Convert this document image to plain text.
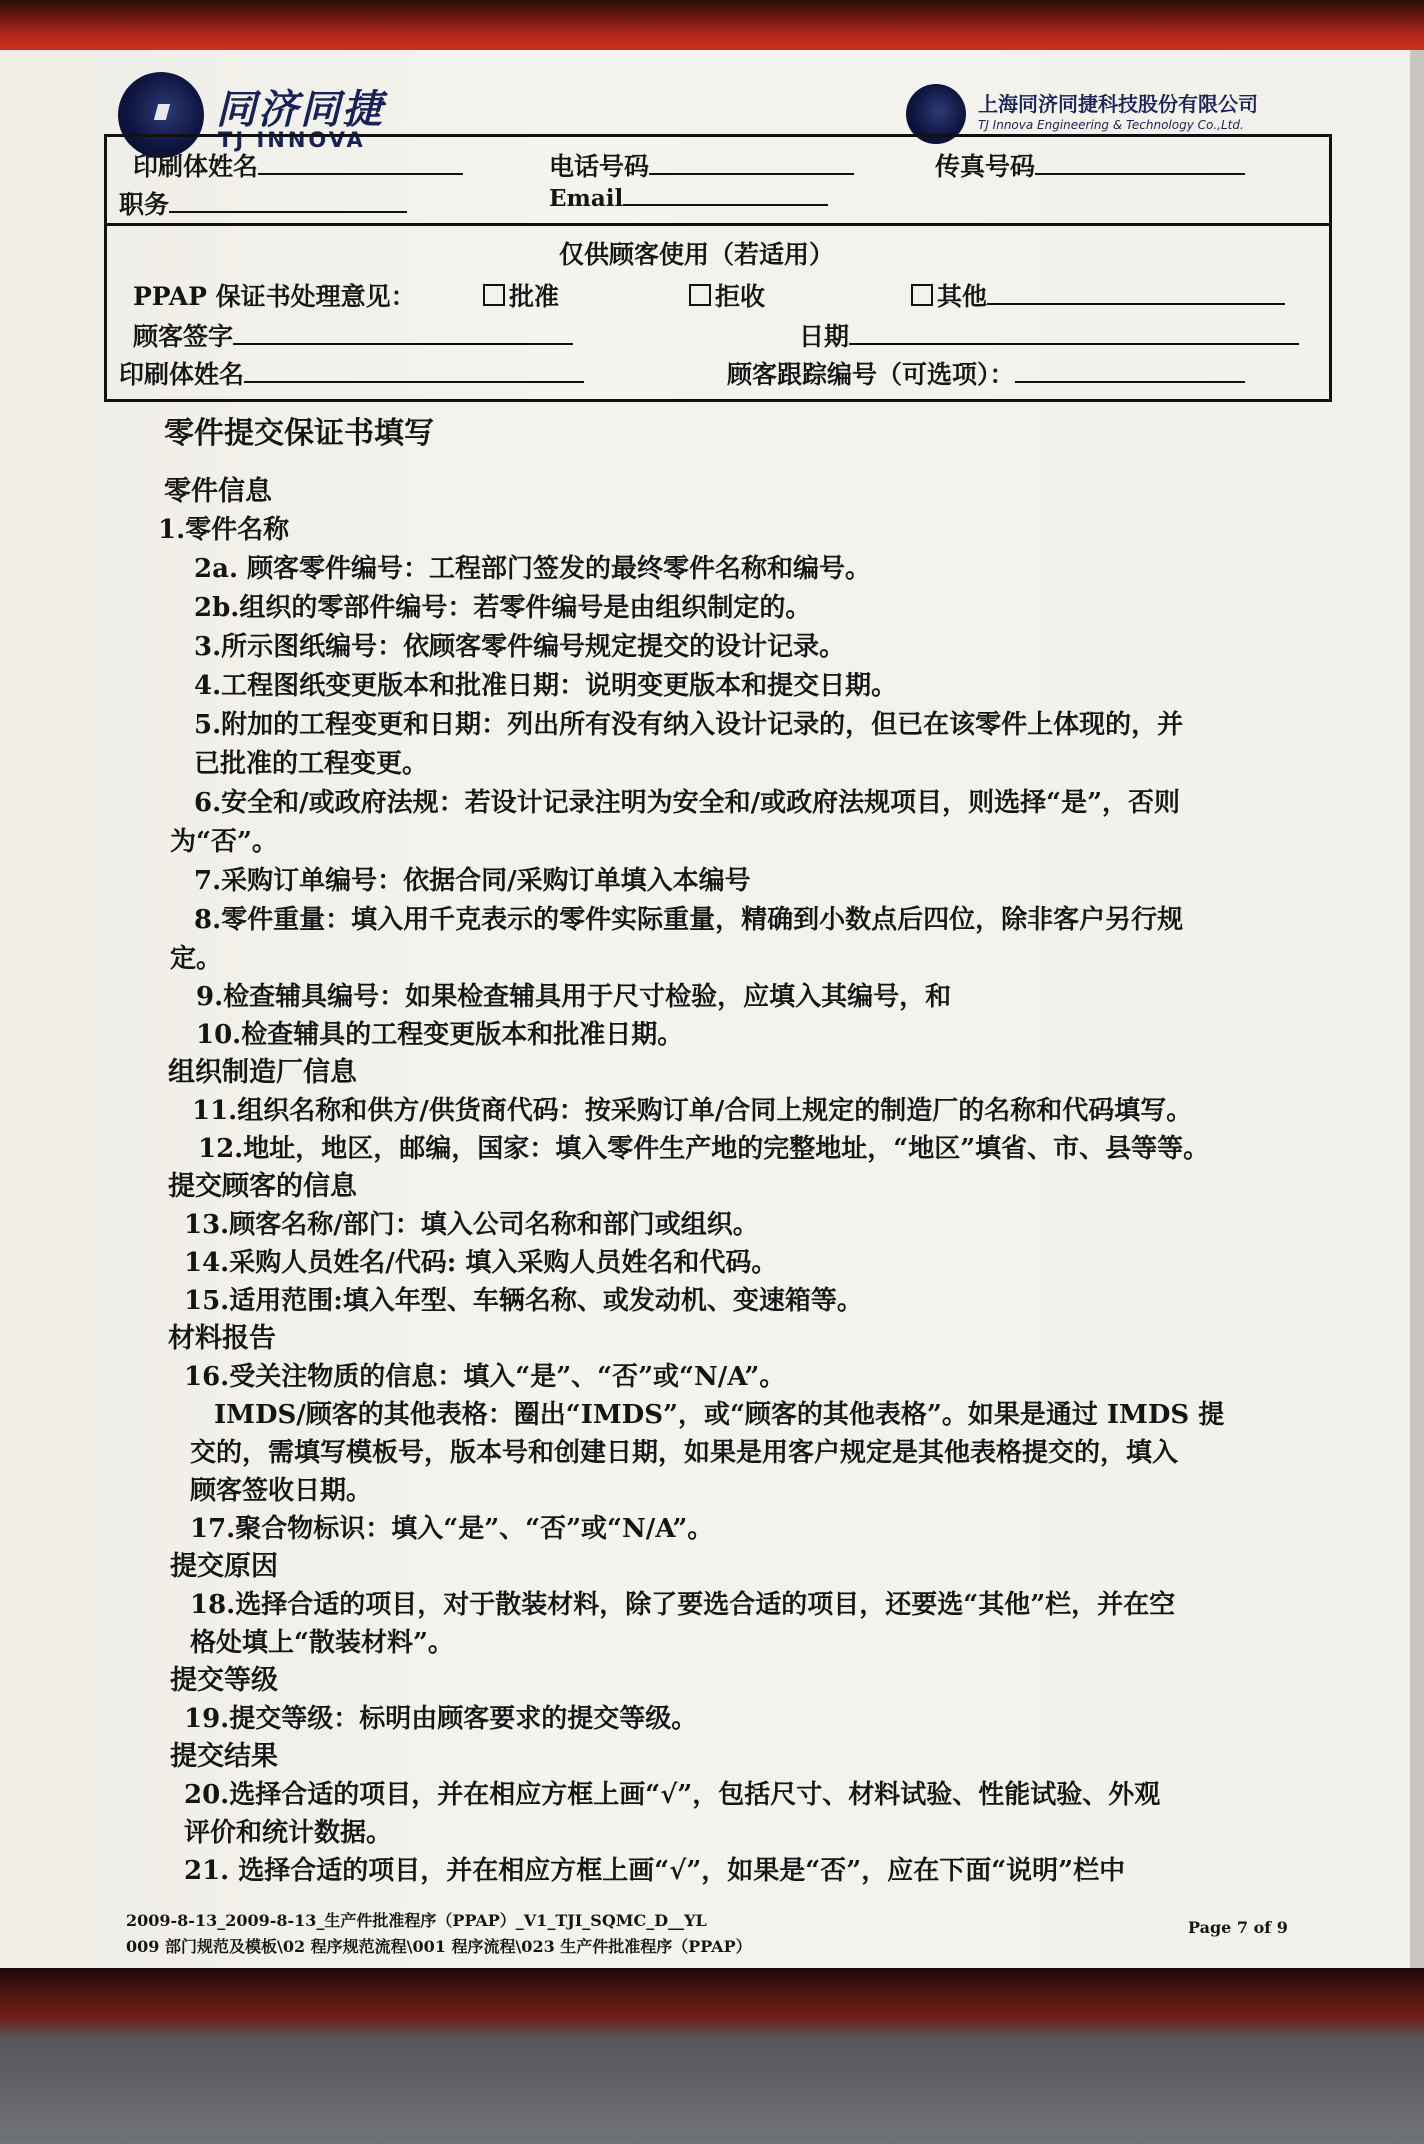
同济同捷
TJ INNOVA
上海同济同捷科技股份有限公司
TJ Innova Engineering & Technology Co.,Ltd.
印刷体姓名	电话号码	传真号码
职务	Email
仅供顾客使用（若适用）
PPAP 保证书处理意见：	批准	拒收	其他
顾客签字	日期
印刷体姓名	顾客跟踪编号（可选项）：
零件提交保证书填写
零件信息
1.零件名称
2a. 顾客零件编号：工程部门签发的最终零件名称和编号。
2b.组织的零部件编号：若零件编号是由组织制定的。
3.所示图纸编号：依顾客零件编号规定提交的设计记录。
4.工程图纸变更版本和批准日期：说明变更版本和提交日期。
5.附加的工程变更和日期：列出所有没有纳入设计记录的，但已在该零件上体现的，并
已批准的工程变更。
6.安全和/或政府法规：若设计记录注明为安全和/或政府法规项目，则选择“是”，否则
为“否”。
7.采购订单编号：依据合同/采购订单填入本编号
8.零件重量：填入用千克表示的零件实际重量，精确到小数点后四位，除非客户另行规
定。
9.检查辅具编号：如果检查辅具用于尺寸检验，应填入其编号，和
10.检查辅具的工程变更版本和批准日期。
组织制造厂信息
11.组织名称和供方/供货商代码：按采购订单/合同上规定的制造厂的名称和代码填写。
12.地址，地区，邮编，国家：填入零件生产地的完整地址，“地区”填省、市、县等等。
提交顾客的信息
13.顾客名称/部门：填入公司名称和部门或组织。
14.采购人员姓名/代码: 填入采购人员姓名和代码。
15.适用范围:填入年型、车辆名称、或发动机、变速箱等。
材料报告
16.受关注物质的信息：填入“是”、“否”或“N/A”。
IMDS/顾客的其他表格：圈出“IMDS”，或“顾客的其他表格”。如果是通过 IMDS 提
交的，需填写模板号，版本号和创建日期，如果是用客户规定是其他表格提交的，填入
顾客签收日期。
17.聚合物标识：填入“是”、“否”或“N/A”。
提交原因
18.选择合适的项目，对于散装材料，除了要选合适的项目，还要选“其他”栏，并在空
格处填上“散装材料”。
提交等级
19.提交等级：标明由顾客要求的提交等级。
提交结果
20.选择合适的项目，并在相应方框上画“√”，包括尺寸、材料试验、性能试验、外观
评价和统计数据。
21. 选择合适的项目，并在相应方框上画“√”，如果是“否”，应在下面“说明”栏中
2009-8-13_2009-8-13_生产件批准程序（PPAP）_V1_TJI_SQMC_D__YL
009 部门规范及模板\02 程序规范流程\001 程序流程\023 生产件批准程序（PPAP）
Page 7 of 9
